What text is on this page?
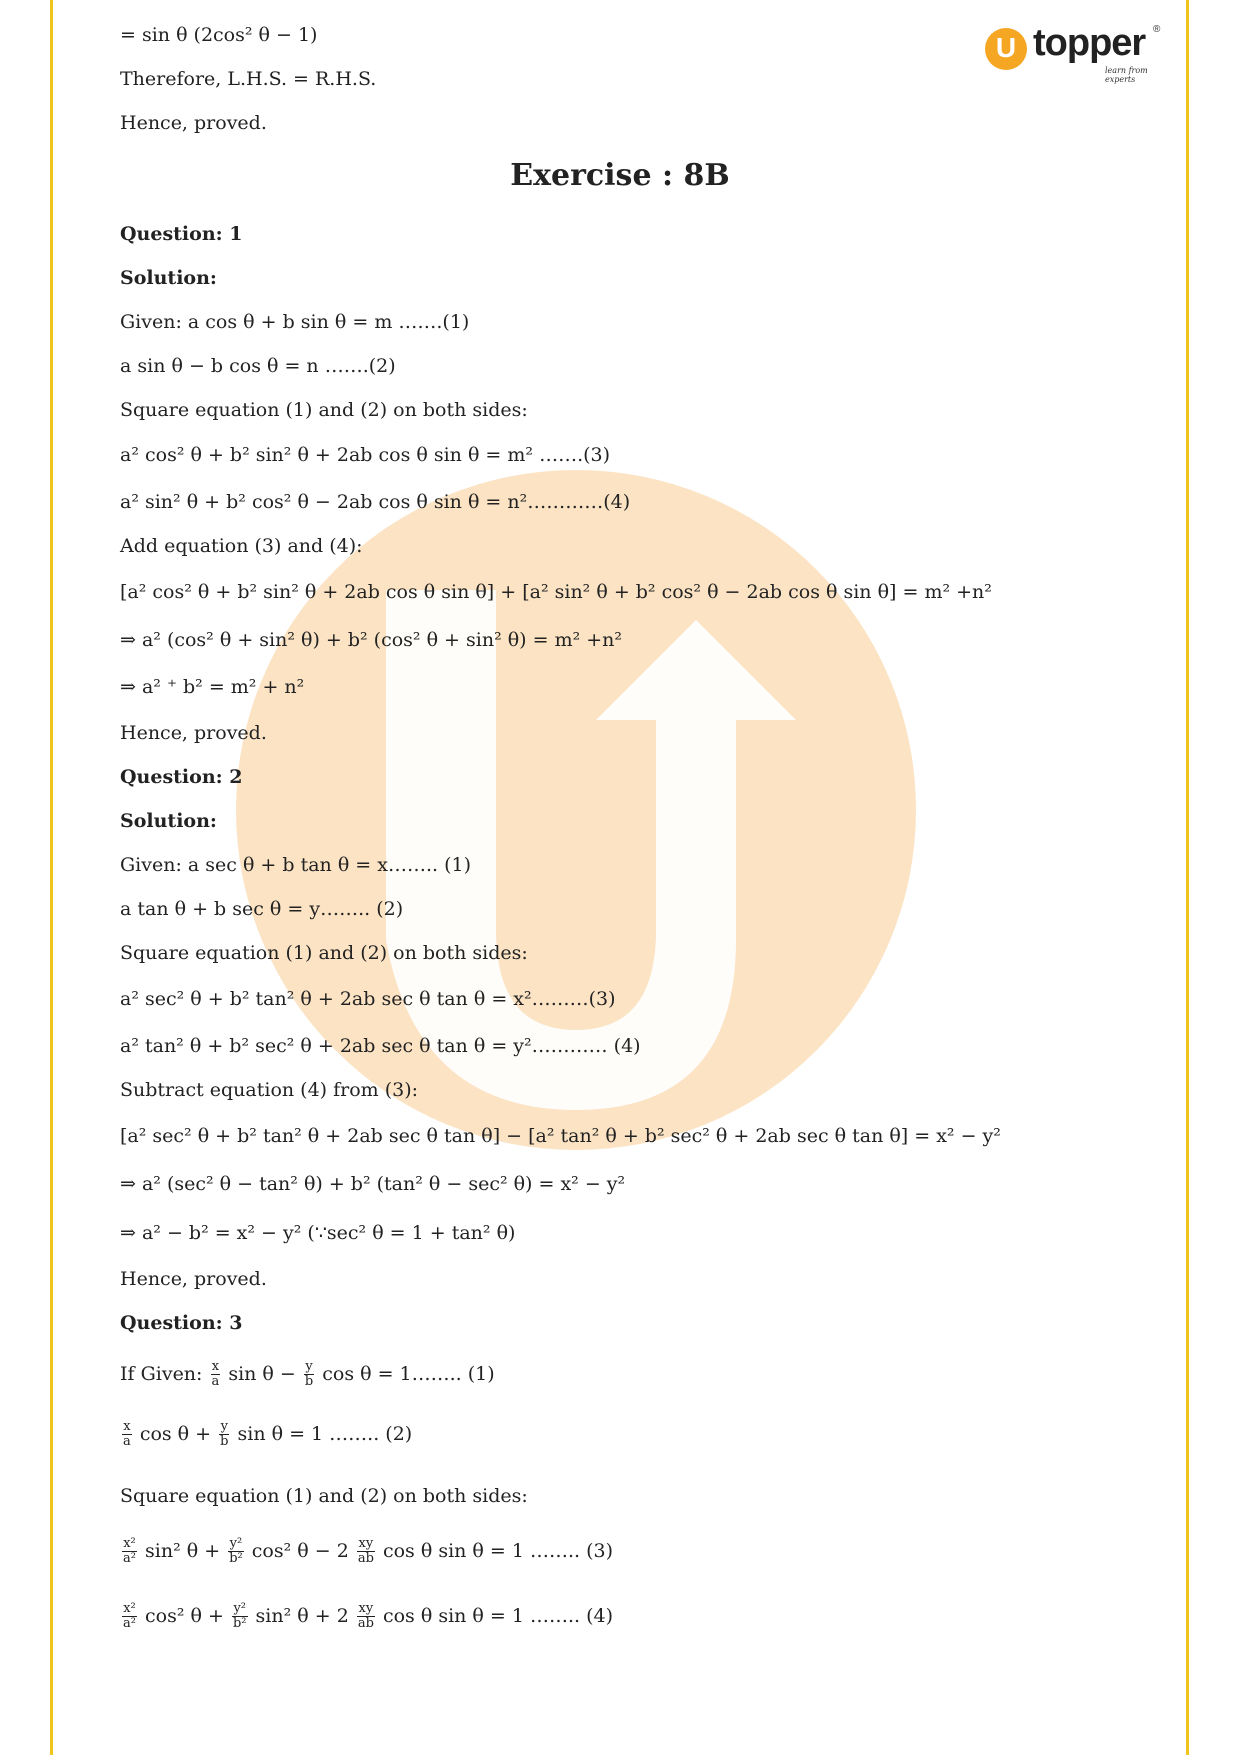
U topper ®
learn from experts
= sin θ (2cos² θ − 1)
Therefore, L.H.S. = R.H.S.
Hence, proved.
Exercise : 8B
Question: 1
Solution:
Given: a cos θ + b sin θ = m …….(1)
a sin θ − b cos θ = n …….(2)
Square equation (1) and (2) on both sides:
a² cos² θ + b² sin² θ + 2ab cos θ sin θ = m² …….(3)
a² sin² θ + b² cos² θ − 2ab cos θ sin θ = n²…………(4)
Add equation (3) and (4):
[a² cos² θ + b² sin² θ + 2ab cos θ sin θ] + [a² sin² θ + b² cos² θ − 2ab cos θ sin θ] = m² +n²
⇒ a² (cos² θ + sin² θ) + b² (cos² θ + sin² θ) = m² +n²
⇒ a² ⁺ b² = m² + n²
Hence, proved.
Question: 2
Solution:
Given: a sec θ + b tan θ = x…….. (1)
a tan θ + b sec θ = y…….. (2)
Square equation (1) and (2) on both sides:
a² sec² θ + b² tan² θ + 2ab sec θ tan θ = x²………(3)
a² tan² θ + b² sec² θ + 2ab sec θ tan θ = y²………… (4)
Subtract equation (4) from (3):
[a² sec² θ + b² tan² θ + 2ab sec θ tan θ] − [a² tan² θ + b² sec² θ + 2ab sec θ tan θ] = x² − y²
⇒ a² (sec² θ − tan² θ) + b² (tan² θ − sec² θ) = x² − y²
⇒ a² − b² = x² − y² (∵sec² θ = 1 + tan² θ)
Hence, proved.
Question: 3
If Given: $\frac{x}{a}$ $\sin \theta - \frac{y}{b}$ cos θ = 1…….. (1)
$\frac{x}{a}$ $\cos \theta + \frac{y}{b}$ sin θ = 1 …….. (2)
Square equation (1) and (2) on both sides:
$\frac{\text{x²}}{\text{a²}} \sin^2$ $\theta + \frac{\text{y²}}{\text{b²}} \cos^2$ $\theta - 2 \frac{xy}{ab}$ cos θ sin θ = 1 …….. (3)
$\frac{\text{x²}}{\text{a²}} \cos^2$ $\theta + \frac{\text{y²}}{\text{b²}} \sin^2$ $\theta + 2 \frac{xy}{ab}$ cos θ sin θ = 1 …….. (4)
